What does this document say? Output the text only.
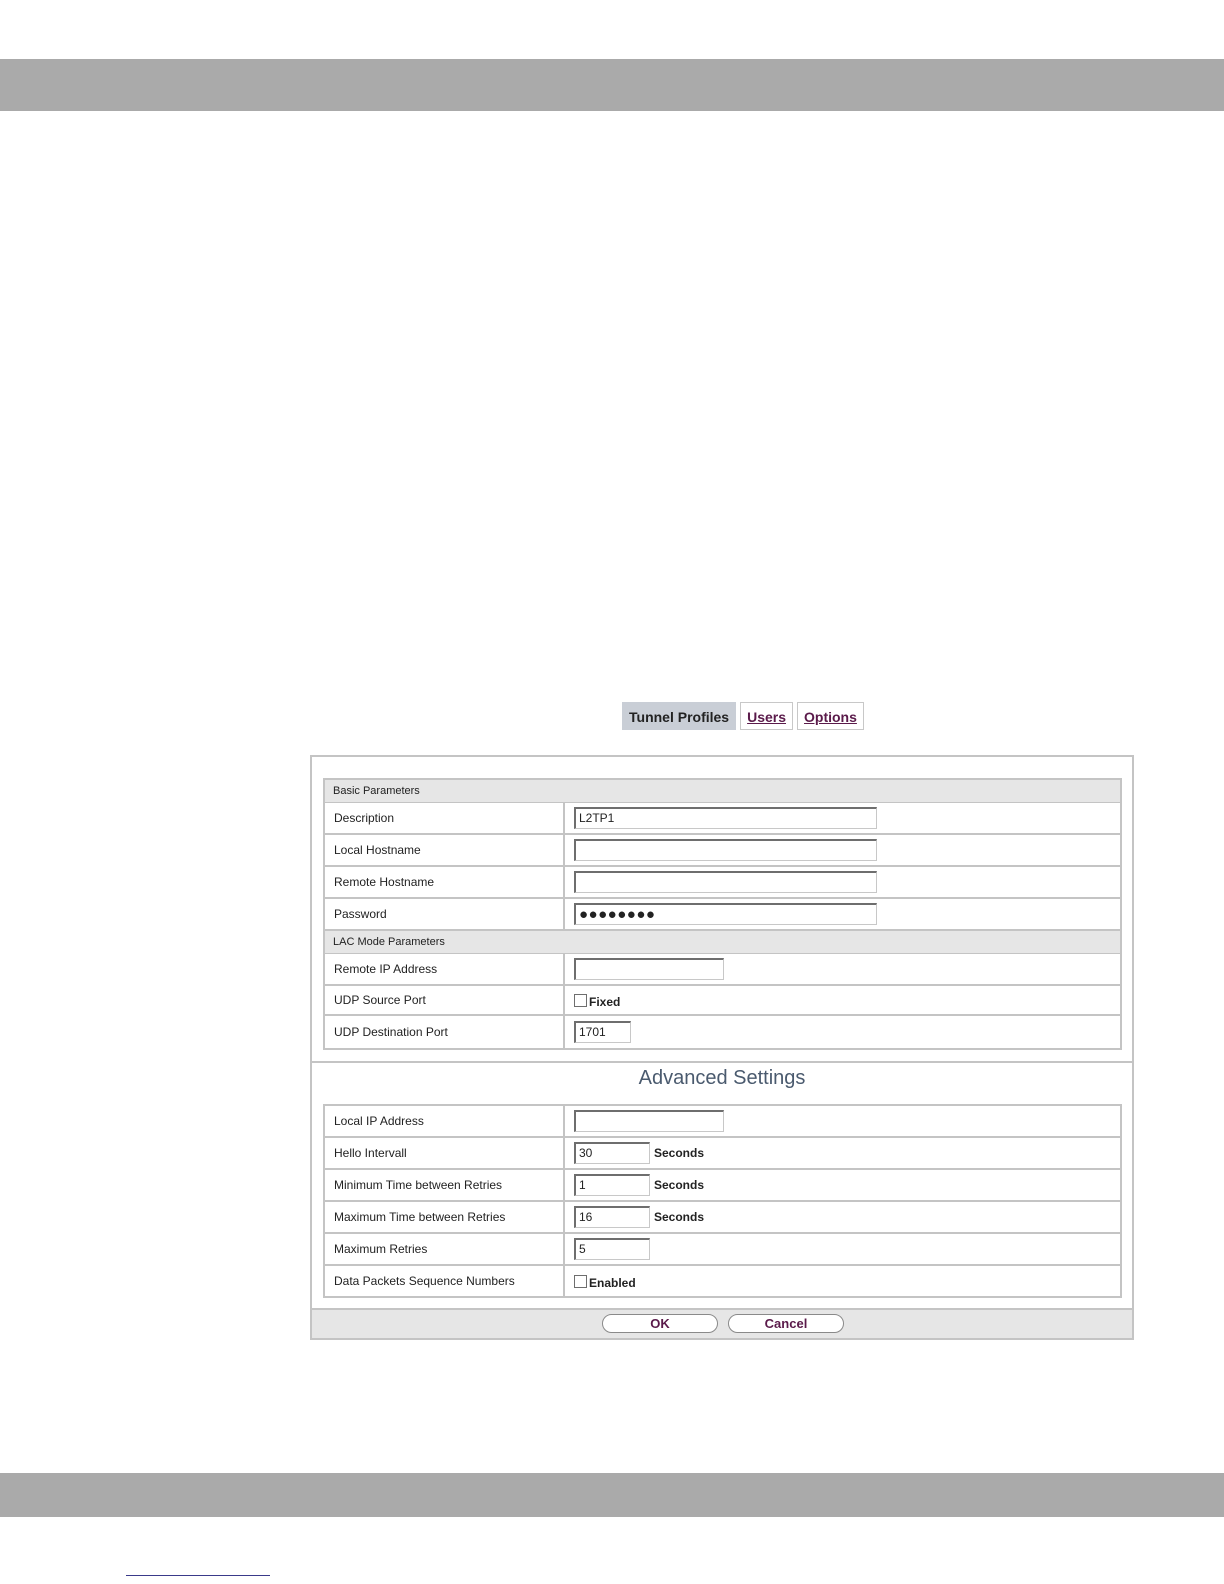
Tunnel Profiles	Users	Options
Basic Parameters
Description	L2TP1
Local Hostname
Remote Hostname
Password	●●●●●●●●
LAC Mode Parameters
Remote IP Address
UDP Source Port	Fixed
UDP Destination Port	1701
Advanced Settings
Local IP Address
Hello Intervall	30	Seconds
Minimum Time between Retries	1	Seconds
Maximum Time between Retries	16	Seconds
Maximum Retries	5
Data Packets Sequence Numbers	Enabled
OK	Cancel
